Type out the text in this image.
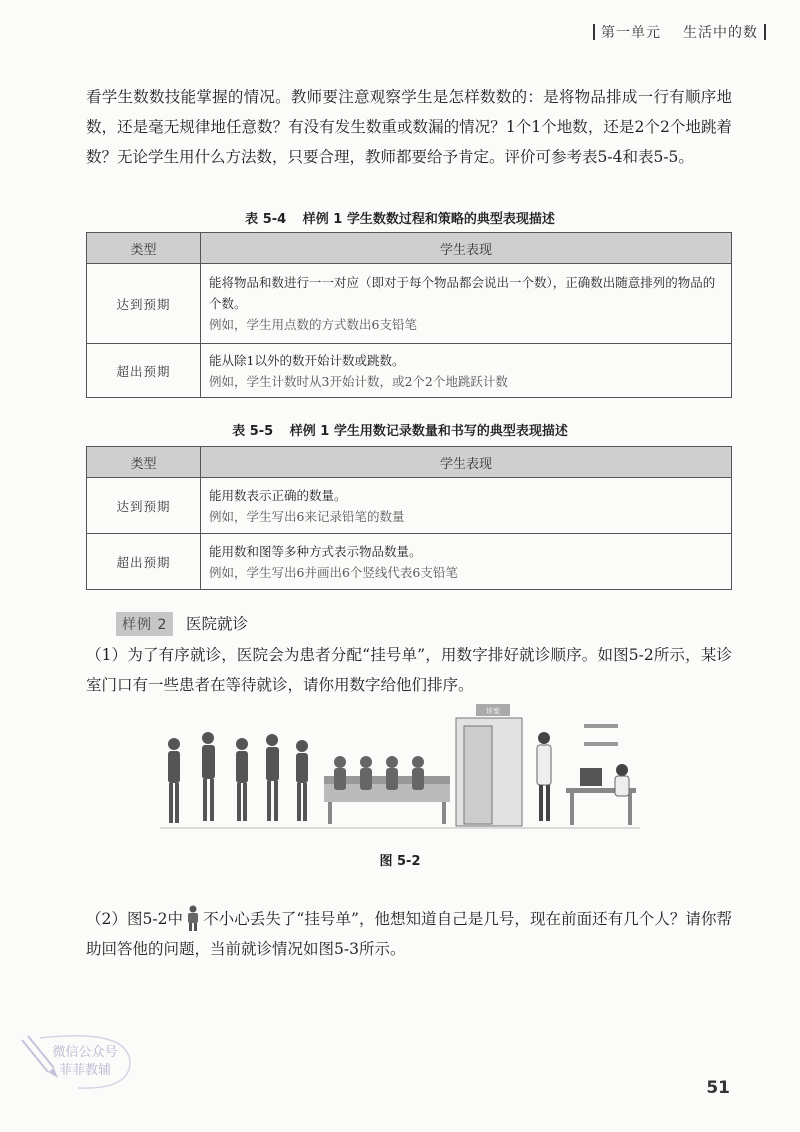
第一单元 生活中的数

看学生数数技能掌握的情况。教师要注意观察学生是怎样数数的：是将物品排成一行有顺序地数，还是毫无规律地任意数？有没有发生数重或数漏的情况？1个1个地数，还是2个2个地跳着数？无论学生用什么方法数，只要合理，教师都要给予肯定。评价可参考表5-4和表5-5。

表 5-4 样例 1 学生数数过程和策略的典型表现描述
类型	学生表现
达到预期	能将物品和数进行一一对应（即对于每个物品都会说出一个数），正确数出随意排列的物品的个数。
例如，学生用点数的方式数出6支铅笔

超出预期	能从除1以外的数开始计数或跳数。
例如，学生计数时从3开始计数，或2个2个地跳跃计数
表 5-5 样例 1 学生用数记录数量和书写的典型表现描述
类型	学生表现
达到预期	能用数表示正确的数量。
例如，学生写出6来记录铅笔的数量

超出预期	能用数和图等多种方式表示物品数量。
例如，学生写出6并画出6个竖线代表6支铅笔
样例 2	医院就诊

（1）为了有序就诊，医院会为患者分配“挂号单”，用数字排好就诊顺序。如图5-2所示，某诊室门口有一些患者在等待就诊，请你用数字给他们排序。

诊室
图 5-2

（2）图5-2中 不小心丢失了“挂号单”，他想知道自己是几号，现在前面还有几个人？请你帮助回答他的问题，当前就诊情况如图5-3所示。

微信公众号
菲菲教辅
51
